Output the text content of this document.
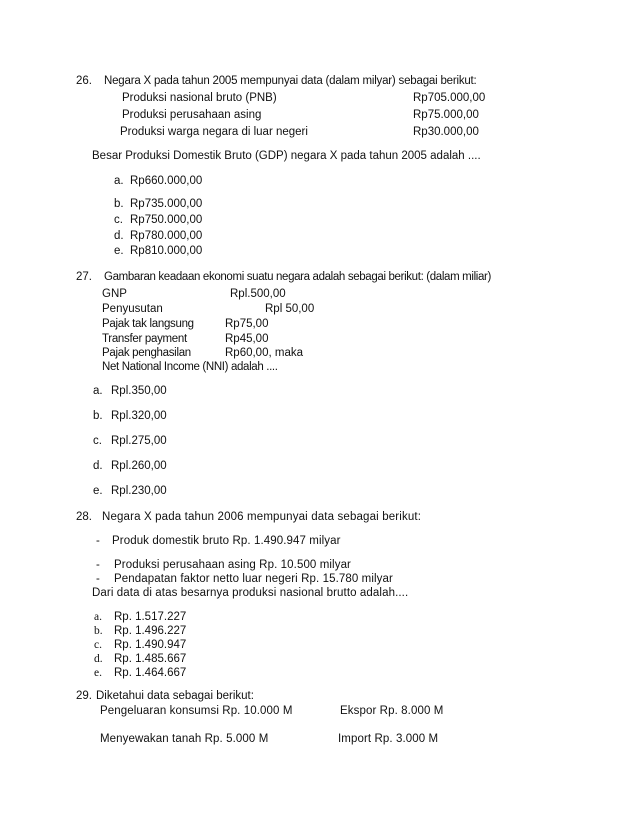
26. Negara X pada tahun 2005 mempunyai data (dalam milyar) sebagai berikut:
Produksi nasional bruto (PNB)	Rp705.000,00
Produksi perusahaan asing	Rp75.000,00
Produksi warga negara di luar negeri	Rp30.000,00
Besar Produksi Domestik Bruto (GDP) negara X pada tahun 2005 adalah ....
a. Rp660.000,00
b. Rp735.000,00
c. Rp750.000,00
d. Rp780.000,00
e. Rp810.000,00
27. Gambaran keadaan ekonomi suatu negara adalah sebagai berikut: (dalam miliar)
GNP	Rpl.500,00
Penyusutan	Rpl 50,00
Pajak tak langsung	Rp75,00
Transfer payment	Rp45,00
Pajak penghasilan	Rp60,00, maka
Net National Income (NNI) adalah ....
a. Rpl.350,00
b. Rpl.320,00
c. Rpl.275,00
d. Rpl.260,00
e. Rpl.230,00
28. Negara X pada tahun 2006 mempunyai data sebagai berikut:
- Produk domestik bruto Rp. 1.490.947 milyar
- Produksi perusahaan asing Rp. 10.500 milyar
- Pendapatan faktor netto luar negeri Rp. 15.780 milyar
Dari data di atas besarnya produksi nasional brutto adalah....
a. Rp. 1.517.227
b. Rp. 1.496.227
c. Rp. 1.490.947
d. Rp. 1.485.667
e. Rp. 1.464.667
29. Diketahui data sebagai berikut:
Pengeluaran konsumsi Rp. 10.000 M	Ekspor Rp. 8.000 M
Menyewakan tanah Rp. 5.000 M	Import Rp. 3.000 M
